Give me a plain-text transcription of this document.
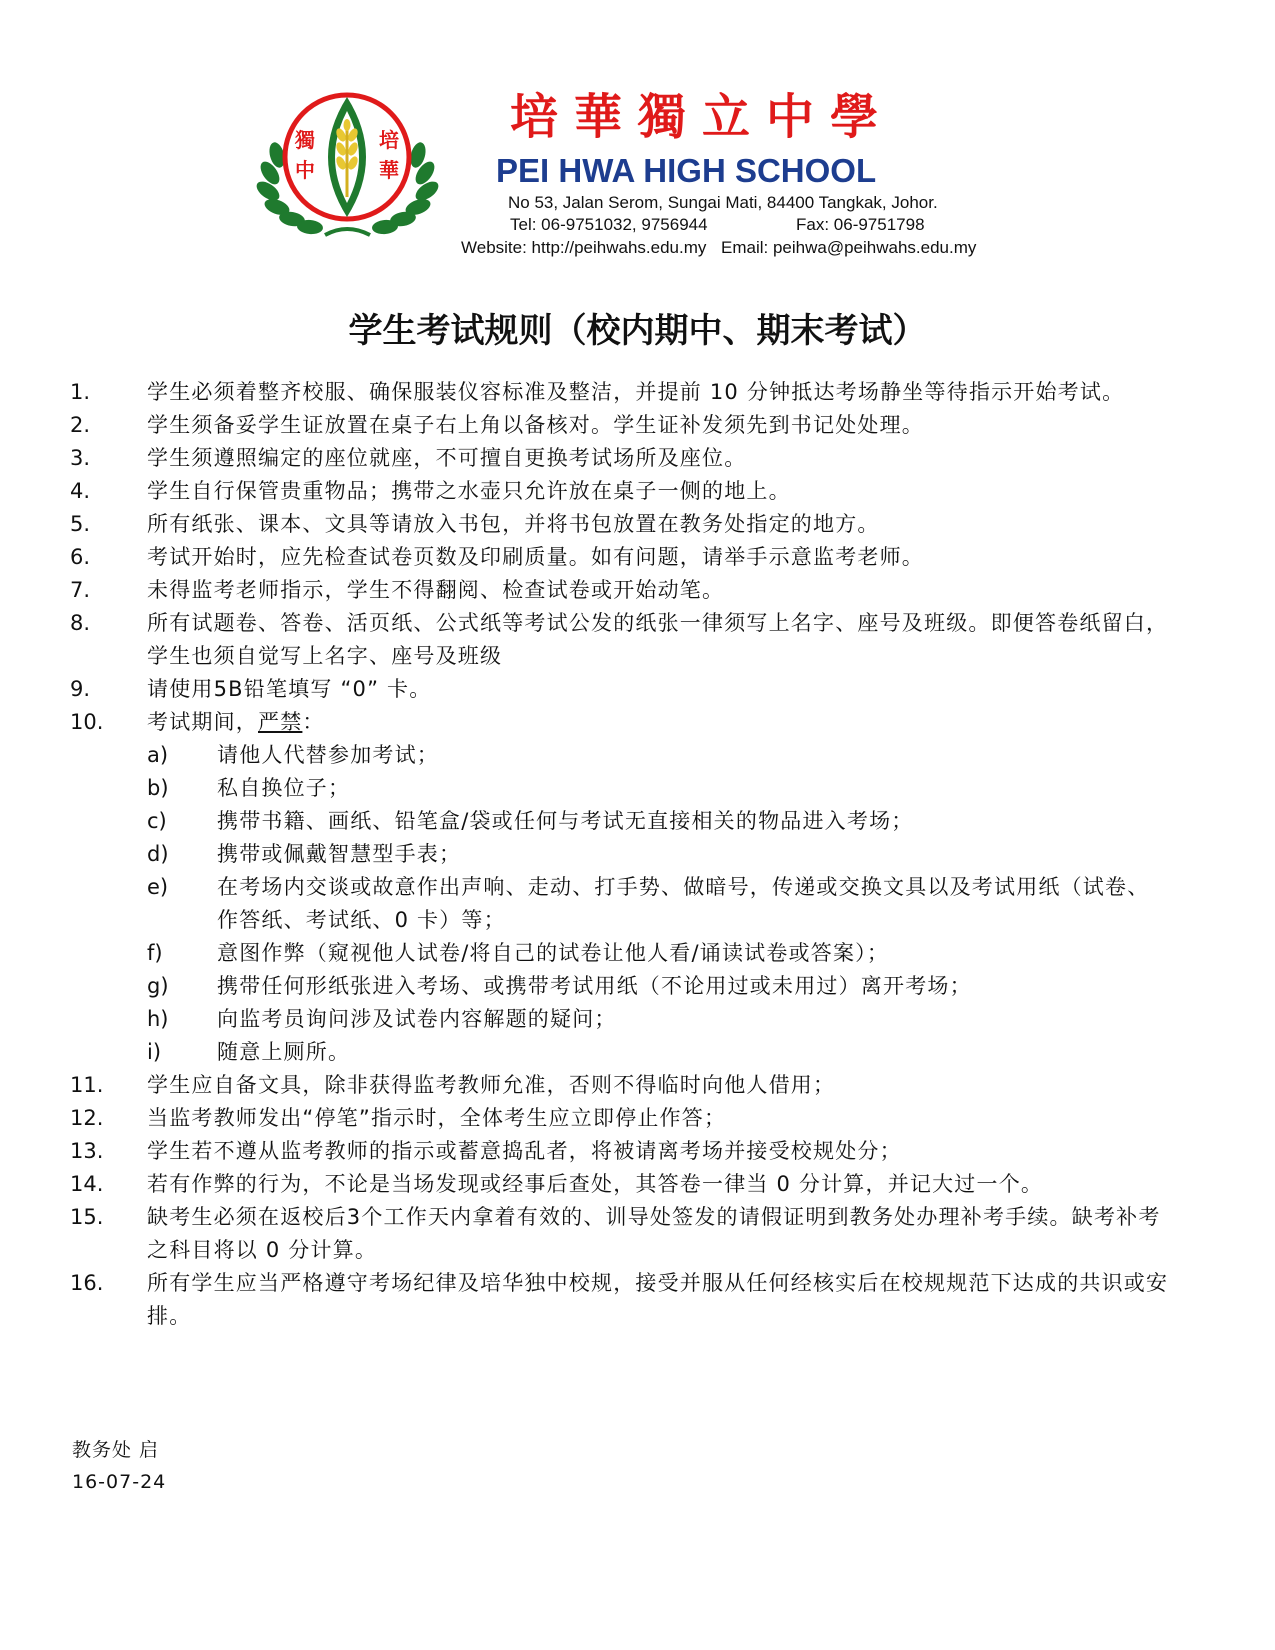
獨
中
培
華
培華獨立中學
PEI HWA HIGH SCHOOL
No 53, Jalan Serom, Sungai Mati, 84400 Tangkak, Johor.
Tel: 06-9751032, 9756944	Fax: 06-9751798
Website: http://peihwahs.edu.my Email: peihwa@peihwahs.edu.my
学生考试规则（校内期中、期末考试）
1.	学生必须着整齐校服、确保服装仪容标准及整洁，并提前 10 分钟抵达考场静坐等待指示开始考试。
2.	学生须备妥学生证放置在桌子右上角以备核对。学生证补发须先到书记处处理。
3.	学生须遵照编定的座位就座，不可擅自更换考试场所及座位。
4.	学生自行保管贵重物品；携带之水壶只允许放在桌子一侧的地上。
5.	所有纸张、课本、文具等请放入书包，并将书包放置在教务处指定的地方。
6.	考试开始时，应先检查试卷页数及印刷质量。如有问题，请举手示意监考老师。
7.	未得监考老师指示，学生不得翻阅、检查试卷或开始动笔。
8.	所有试题卷、答卷、活页纸、公式纸等考试公发的纸张一律须写上名字、座号及班级。即便答卷纸留白，学生也须自觉写上名字、座号及班级
9.	请使用5B铅笔填写 “0” 卡。
10.	考试期间，严禁：
a)	请他人代替参加考试；
b)	私自换位子；
c)	携带书籍、画纸、铅笔盒/袋或任何与考试无直接相关的物品进入考场；
d)	携带或佩戴智慧型手表；
e)	在考场内交谈或故意作出声响、走动、打手势、做暗号，传递或交换文具以及考试用纸（试卷、作答纸、考试纸、0 卡）等；
f)	意图作弊（窥视他人试卷/将自己的试卷让他人看/诵读试卷或答案）；
g)	携带任何形纸张进入考场、或携带考试用纸（不论用过或未用过）离开考场；
h)	向监考员询问涉及试卷内容解题的疑问；
i)	随意上厕所。
11.	学生应自备文具，除非获得监考教师允准，否则不得临时向他人借用；
12.	当监考教师发出“停笔”指示时，全体考生应立即停止作答；
13.	学生若不遵从监考教师的指示或蓄意捣乱者，将被请离考场并接受校规处分；
14.	若有作弊的行为，不论是当场发现或经事后查处，其答卷一律当 0 分计算，并记大过一个。
15.	缺考生必须在返校后3个工作天内拿着有效的、训导处签发的请假证明到教务处办理补考手续。缺考补考之科目将以 0 分计算。
16.	所有学生应当严格遵守考场纪律及培华独中校规，接受并服从任何经核实后在校规规范下达成的共识或安排。
教务处 启
16-07-24
